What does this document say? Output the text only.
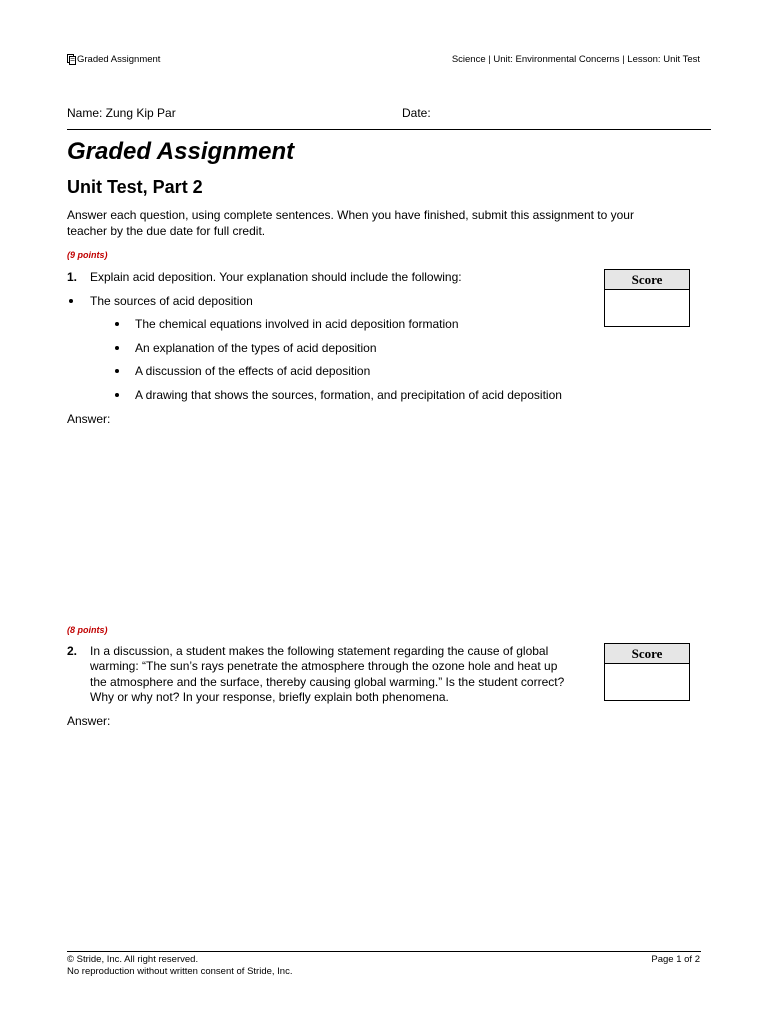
Graded Assignment	Science | Unit: Environmental Concerns | Lesson: Unit Test
Name: Zung Kip Par	Date:
Graded Assignment
Unit Test, Part 2
Answer each question, using complete sentences. When you have finished, submit this assignment to your teacher by the due date for full credit.
(9 points)
1. Explain acid deposition. Your explanation should include the following:
The sources of acid deposition
The chemical equations involved in acid deposition formation
An explanation of the types of acid deposition
A discussion of the effects of acid deposition
A drawing that shows the sources, formation, and precipitation of acid deposition
Score
Answer:
(8 points)
2. In a discussion, a student makes the following statement regarding the cause of global
warming: “The sun’s rays penetrate the atmosphere through the ozone hole and heat up
the atmosphere and the surface, thereby causing global warming.” Is the student correct?
Why or why not? In your response, briefly explain both phenomena.
Score
Answer:
© Stride, Inc. All right reserved.
No reproduction without written consent of Stride, Inc.
Page 1 of 2
